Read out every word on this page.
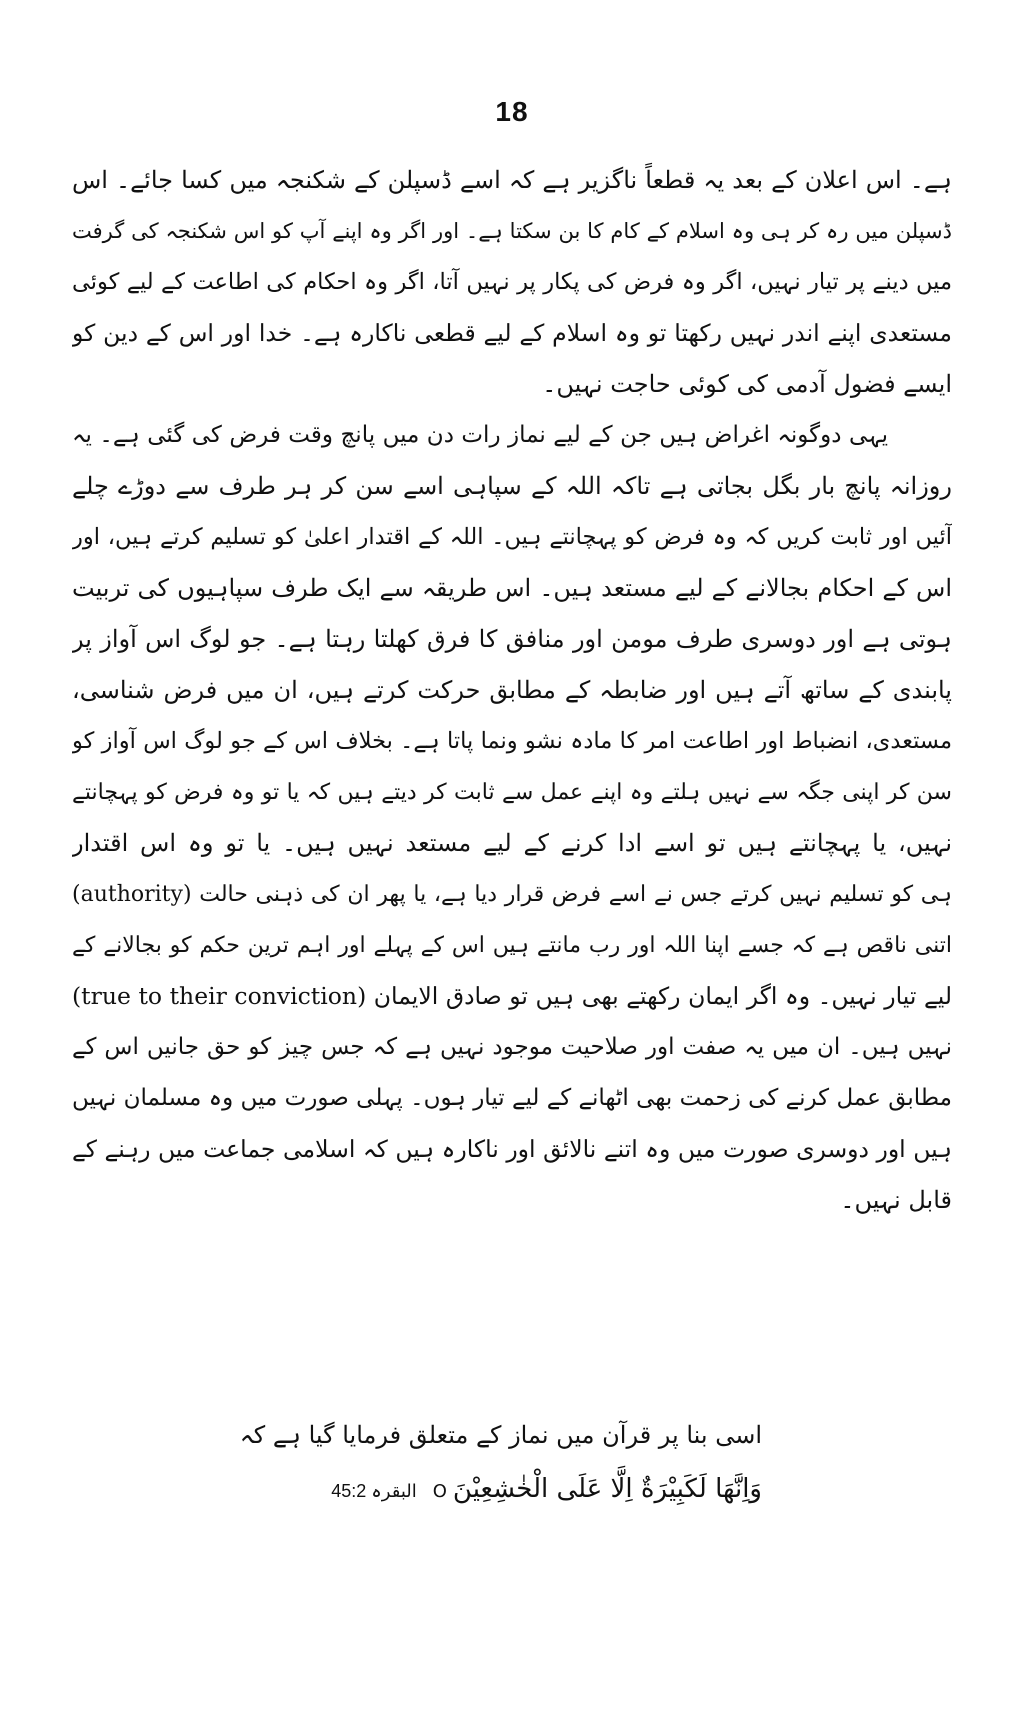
18
ہے۔ اس اعلان کے بعد یہ قطعاً ناگزیر ہے کہ اسے ڈسپلن کے شکنجہ میں کسا جائے۔ اس
ڈسپلن میں رہ کر ہی وہ اسلام کے کام کا بن سکتا ہے۔ اور اگر وہ اپنے آپ کو اس شکنجہ کی گرفت
میں دینے پر تیار نہیں، اگر وہ فرض کی پکار پر نہیں آتا، اگر وہ احکام کی اطاعت کے لیے کوئی
مستعدی اپنے اندر نہیں رکھتا تو وہ اسلام کے لیے قطعی ناکارہ ہے۔ خدا اور اس کے دین کو
ایسے فضول آدمی کی کوئی حاجت نہیں۔
یہی دوگونہ اغراض ہیں جن کے لیے نماز رات دن میں پانچ وقت فرض کی گئی ہے۔ یہ
روزانہ پانچ بار بگل بجاتی ہے تاکہ اللہ کے سپاہی اسے سن کر ہر طرف سے دوڑے چلے
آئیں اور ثابت کریں کہ وہ فرض کو پہچانتے ہیں۔ اللہ کے اقتدار اعلیٰ کو تسلیم کرتے ہیں، اور
اس کے احکام بجالانے کے لیے مستعد ہیں۔ اس طریقہ سے ایک طرف سپاہیوں کی تربیت
ہوتی ہے اور دوسری طرف مومن اور منافق کا فرق کھلتا رہتا ہے۔ جو لوگ اس آواز پر
پابندی کے ساتھ آتے ہیں اور ضابطہ کے مطابق حرکت کرتے ہیں، ان میں فرض شناسی،
مستعدی، انضباط اور اطاعت امر کا مادہ نشو ونما پاتا ہے۔ بخلاف اس کے جو لوگ اس آواز کو
سن کر اپنی جگہ سے نہیں ہلتے وہ اپنے عمل سے ثابت کر دیتے ہیں کہ یا تو وہ فرض کو پہچانتے
نہیں، یا پہچانتے ہیں تو اسے ادا کرنے کے لیے مستعد نہیں ہیں۔ یا تو وہ اس اقتدار
(authority) ہی کو تسلیم نہیں کرتے جس نے اسے فرض قرار دیا ہے، یا پھر ان کی ذہنی حالت
اتنی ناقص ہے کہ جسے اپنا اللہ اور رب مانتے ہیں اس کے پہلے اور اہم ترین حکم کو بجالانے کے
لیے تیار نہیں۔ وہ اگر ایمان رکھتے بھی ہیں تو صادق الایمان (true to their conviction)
نہیں ہیں۔ ان میں یہ صفت اور صلاحیت موجود نہیں ہے کہ جس چیز کو حق جانیں اس کے
مطابق عمل کرنے کی زحمت بھی اٹھانے کے لیے تیار ہوں۔ پہلی صورت میں وہ مسلمان نہیں
ہیں اور دوسری صورت میں وہ اتنے نالائق اور ناکارہ ہیں کہ اسلامی جماعت میں رہنے کے
قابل نہیں۔
اسی بنا پر قرآن میں نماز کے متعلق فرمایا گیا ہے کہ
وَاِنَّهَا لَكَبِيْرَةٌ اِلَّا عَلَى الْخٰشِعِيْنَOالبقرہ 45:2
